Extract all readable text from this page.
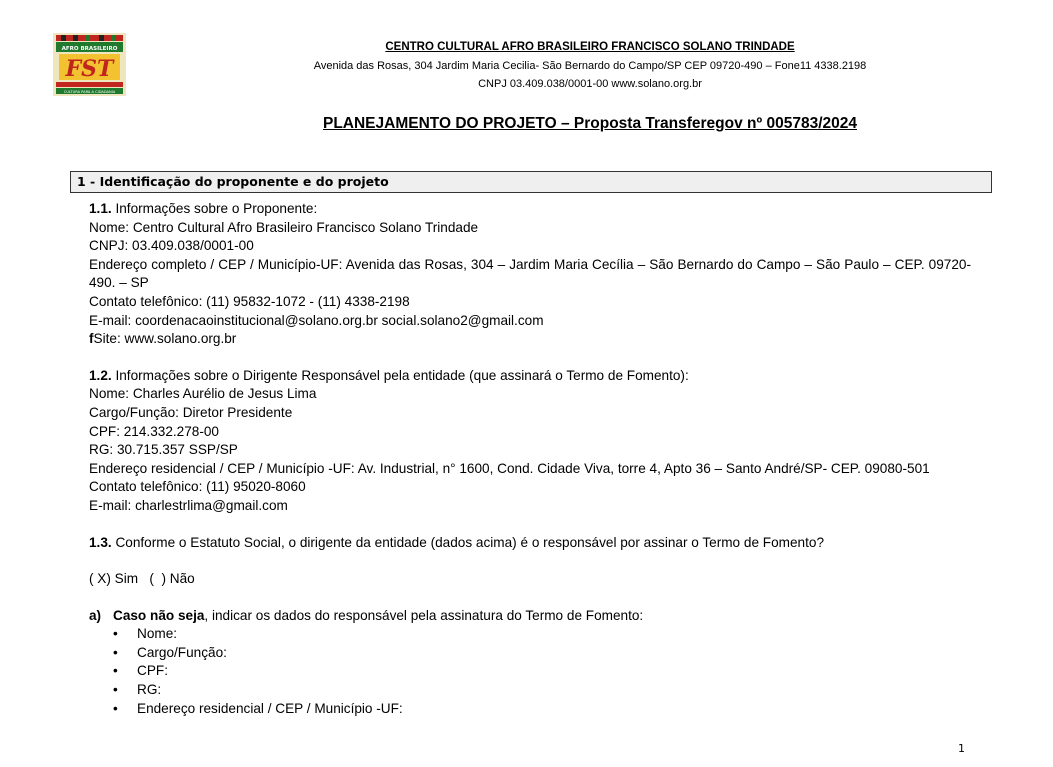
AFRO BRASILEIRO
FST
CULTURA PARA A CIDADANIA
CENTRO CULTURAL AFRO BRASILEIRO FRANCISCO SOLANO TRINDADE
Avenida das Rosas, 304 Jardim Maria Cecilia- São Bernardo do Campo/SP CEP 09720-490 – Fone11 4338.2198
CNPJ 03.409.038/0001-00 www.solano.org.br
PLANEJAMENTO DO PROJETO – Proposta Transferegov nº 005783/2024
1 - Identificação do proponente e do projeto

1.1. Informações sobre o Proponente:

Nome: Centro Cultural Afro Brasileiro Francisco Solano Trindade

CNPJ: 03.409.038/0001-00

Endereço completo / CEP / Município-UF: Avenida das Rosas, 304 – Jardim Maria Cecília – São Bernardo do Campo – São Paulo – CEP. 09720-490. – SP

Contato telefônico: (11) 95832-1072 - (11) 4338-2198

E-mail: coordenacaoinstitucional@solano.org.br social.solano2@gmail.com

fSite: www.solano.org.br

1.2. Informações sobre o Dirigente Responsável pela entidade (que assinará o Termo de Fomento):

Nome: Charles Aurélio de Jesus Lima

Cargo/Função: Diretor Presidente

CPF: 214.332.278-00

RG: 30.715.357 SSP/SP

Endereço residencial / CEP / Município -UF: Av. Industrial, n° 1600, Cond. Cidade Viva, torre 4, Apto 36 – Santo André/SP- CEP. 09080-501

Contato telefônico: (11) 95020-8060

E-mail: charlestrlima@gmail.com

1.3. Conforme o Estatuto Social, o dirigente da entidade (dados acima) é o responsável por assinar o Termo de Fomento?

( X) Sim   (  ) Não

a) Caso não seja, indicar os dados do responsável pela assinatura do Termo de Fomento:

• Nome:
• Cargo/Função:
• CPF:
• RG:
• Endereço residencial / CEP / Município -UF:
1
